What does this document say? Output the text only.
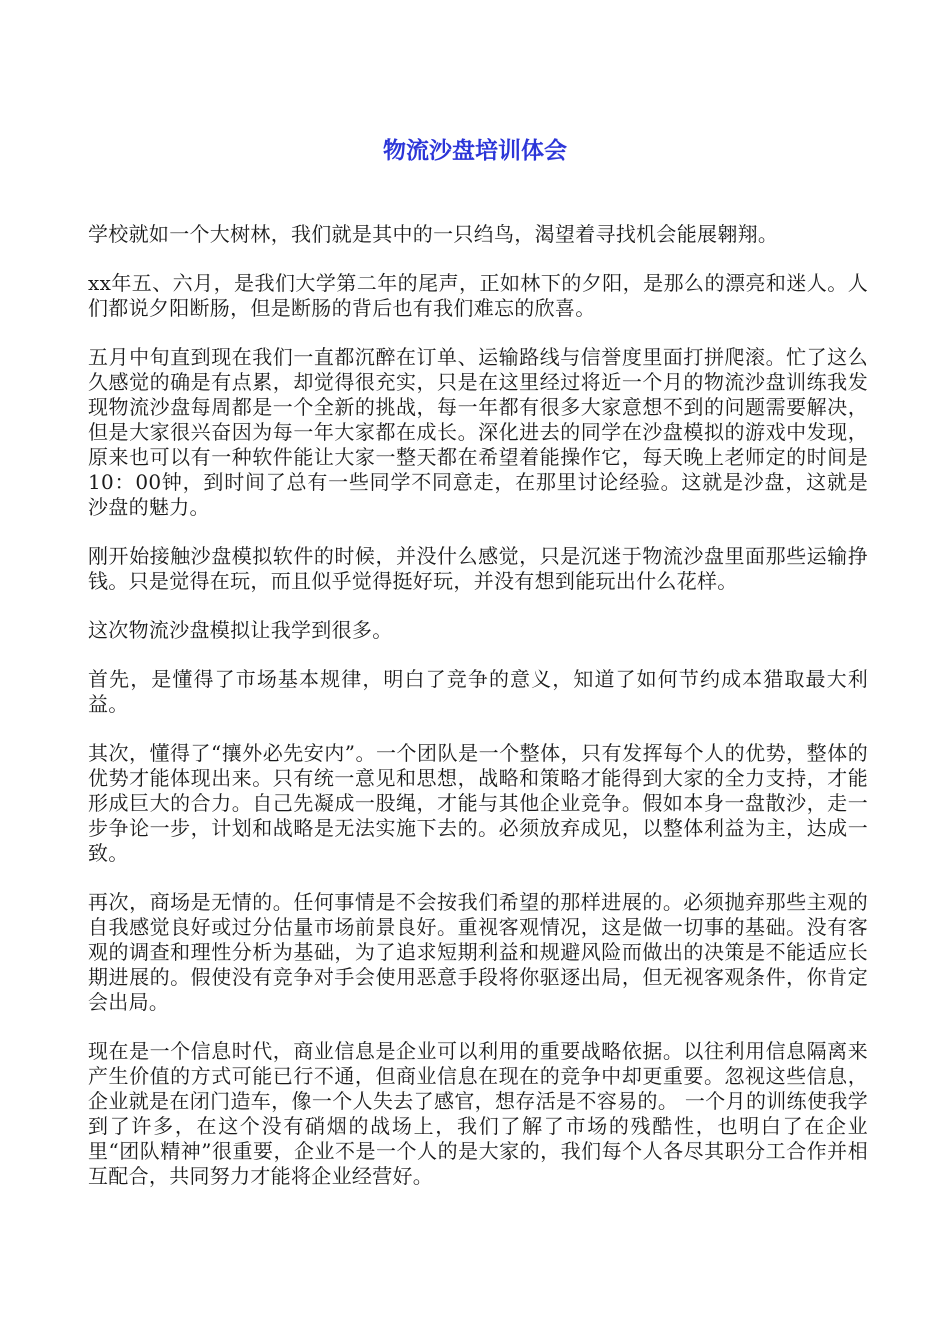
物流沙盘培训体会

学校就如一个大树林，我们就是其中的一只绉鸟，渴望着寻找机会能展翱翔。

xx年五、六月，是我们大学第二年的尾声，正如林下的夕阳，是那么的漂亮和迷人。人们都说夕阳断肠，但是断肠的背后也有我们难忘的欣喜。

五月中旬直到现在我们一直都沉醉在订单、运输路线与信誉度里面打拼爬滚。忙了这么久感觉的确是有点累，却觉得很充实，只是在这里经过将近一个月的物流沙盘训练我发现物流沙盘每周都是一个全新的挑战，每一年都有很多大家意想不到的问题需要解决，但是大家很兴奋因为每一年大家都在成长。深化进去的同学在沙盘模拟的游戏中发现，原来也可以有一种软件能让大家一整天都在希望着能操作它，每天晚上老师定的时间是10：00钟，到时间了总有一些同学不同意走，在那里讨论经验。这就是沙盘，这就是沙盘的魅力。

刚开始接触沙盘模拟软件的时候，并没什么感觉，只是沉迷于物流沙盘里面那些运输挣钱。只是觉得在玩，而且似乎觉得挺好玩，并没有想到能玩出什么花样。

这次物流沙盘模拟让我学到很多。

首先，是懂得了市场基本规律，明白了竞争的意义，知道了如何节约成本猎取最大利益。

其次，懂得了“攘外必先安内”。一个团队是一个整体，只有发挥每个人的优势，整体的优势才能体现出来。只有统一意见和思想，战略和策略才能得到大家的全力支持，才能形成巨大的合力。自己先凝成一股绳，才能与其他企业竞争。假如本身一盘散沙，走一步争论一步，计划和战略是无法实施下去的。必须放弃成见，以整体利益为主，达成一致。

再次，商场是无情的。任何事情是不会按我们希望的那样进展的。必须抛弃那些主观的自我感觉良好或过分估量市场前景良好。重视客观情况，这是做一切事的基础。没有客观的调查和理性分析为基础，为了追求短期利益和规避风险而做出的决策是不能适应长期进展的。假使没有竞争对手会使用恶意手段将你驱逐出局，但无视客观条件，你肯定会出局。

现在是一个信息时代，商业信息是企业可以利用的重要战略依据。以往利用信息隔离来产生价值的方式可能已行不通，但商业信息在现在的竞争中却更重要。忽视这些信息，企业就是在闭门造车，像一个人失去了感官，想存活是不容易的。 一个月的训练使我学到了许多，在这个没有硝烟的战场上，我们了解了市场的残酷性，也明白了在企业里“团队精神”很重要，企业不是一个人的是大家的，我们每个人各尽其职分工合作并相互配合，共同努力才能将企业经营好。
